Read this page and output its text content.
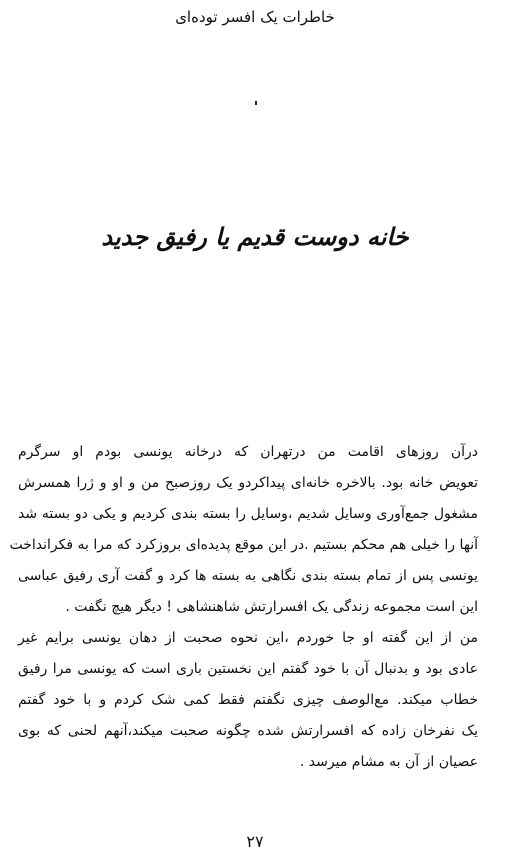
خاطرات یک افسر توده‌ای
خانه دوست قدیم یا رفیق جدید
درآن روزهای اقامت من درتهران که درخانه یونسی بودم او سرگرم
تعویض خانه بود. بالاخره خانه‌ای پیداکردو یک روزصبح من و او و ژرا همسرش
مشغول جمع‌آوری وسایل شدیم ،وسایل را بسته بندی کردیم و یکی دو بسته شد
آنها را خیلی هم محکم بستیم .در این موقع پدیده‌ای بروزکرد که مرا به فکرانداخت
یونسی پس از تمام بسته بندی نگاهی به بسته ها کرد و گفت آری رفیق عباسی
این است مجموعه زندگی یک افسرارتش شاهنشاهی ! دیگر هیچ نگفت .
من از این گفته او جا خوردم ،این نحوه صحبت از دهان یونسی برایم غیر
عادی بود و بدنبال آن با خود گفتم این نخستین باری است که یونسی مرا رفیق
خطاب میکند. مع‌الوصف چیزی نگفتم فقط کمی شک کردم و با خود گفتم
یک نفرخان زاده که افسرارتش شده چگونه صحبت میکند،آنهم لحنی که بوی
عصیان از آن به مشام میرسد .
۲۷
